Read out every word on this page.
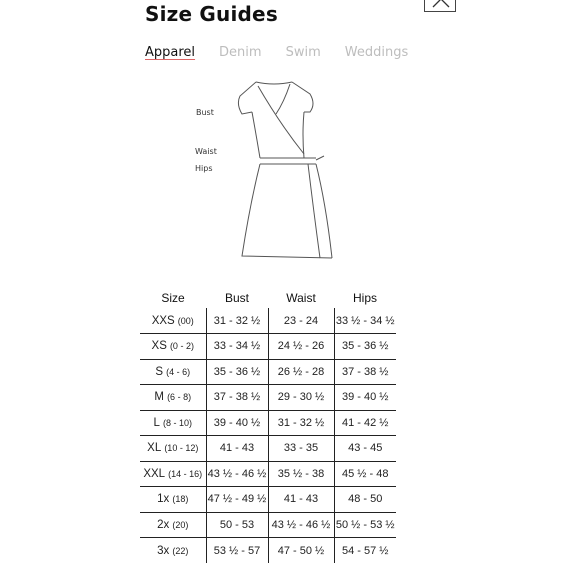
Size Guides
Apparel Denim Swim Weddings
Bust
Waist
Hips
Size	Bust	Waist	Hips
XXS (00)	31 - 32 ½	23 - 24	33 ½ - 34 ½
XS (0 - 2)	33 - 34 ½	24 ½ - 26	35 - 36 ½
S (4 - 6)	35 - 36 ½	26 ½ - 28	37 - 38 ½
M (6 - 8)	37 - 38 ½	29 - 30 ½	39 - 40 ½
L (8 - 10)	39 - 40 ½	31 - 32 ½	41 - 42 ½
XL (10 - 12)	41 - 43	33 - 35	43 - 45
XXL (14 - 16)	43 ½ - 46 ½	35 ½ - 38	45 ½ - 48
1x (18)	47 ½ - 49 ½	41 - 43	48 - 50
2x (20)	50 - 53	43 ½ - 46 ½	50 ½ - 53 ½
3x (22)	53 ½ - 57	47 - 50 ½	54 - 57 ½
